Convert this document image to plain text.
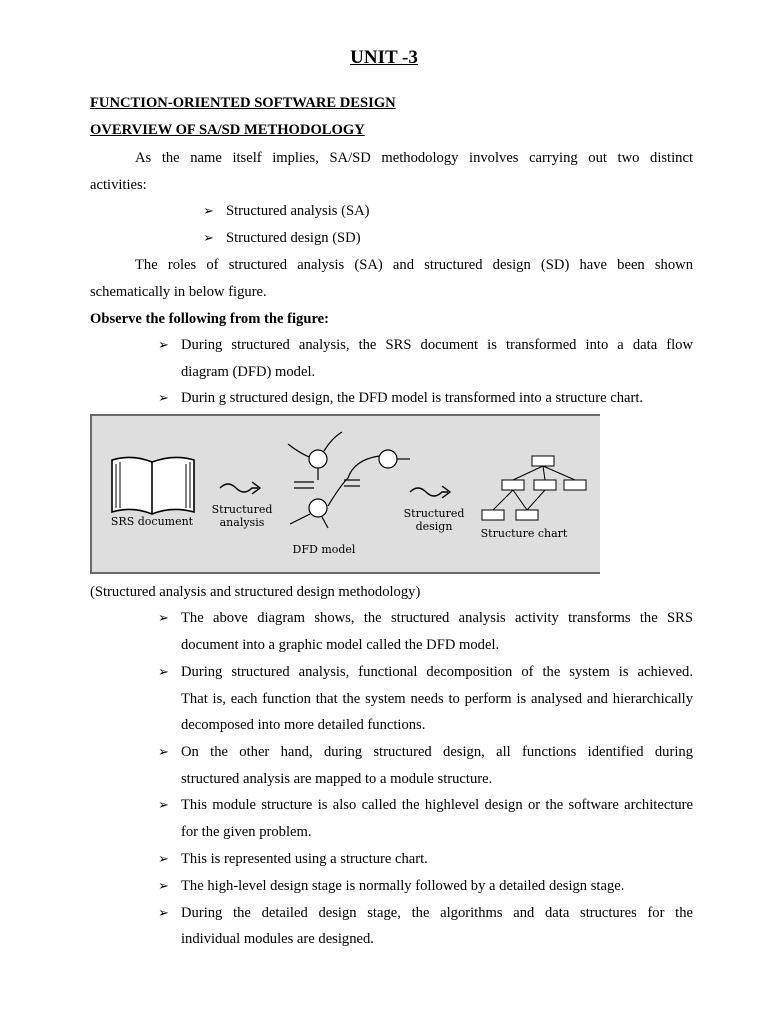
UNIT -3
FUNCTION-ORIENTED SOFTWARE DESIGN
OVERVIEW OF SA/SD METHODOLOGY
As the name itself implies, SA/SD methodology involves carrying out two distinct
activities:
➢ Structured analysis (SA)
➢ Structured design (SD)
The roles of structured analysis (SA) and structured design (SD) have been shown
schematically in below figure.
Observe the following from the figure:
➢ During structured analysis, the SRS document is transformed into a data flow
diagram (DFD) model.
➢ Durin g structured design, the DFD model is transformed into a structure chart.
SRS document
Structured
analysis
DFD model
Structured
design
Structure chart
(Structured analysis and structured design methodology)
➢ The above diagram shows, the structured analysis activity transforms the SRS
document into a graphic model called the DFD model.
➢ During structured analysis, functional decomposition of the system is achieved.
That is, each function that the system needs to perform is analysed and hierarchically
decomposed into more detailed functions.
➢ On the other hand, during structured design, all functions identified during
structured analysis are mapped to a module structure.
➢ This module structure is also called the highlevel design or the software architecture
for the given problem.
➢ This is represented using a structure chart.
➢ The high-level design stage is normally followed by a detailed design stage.
➢ During the detailed design stage, the algorithms and data structures for the
individual modules are designed.
